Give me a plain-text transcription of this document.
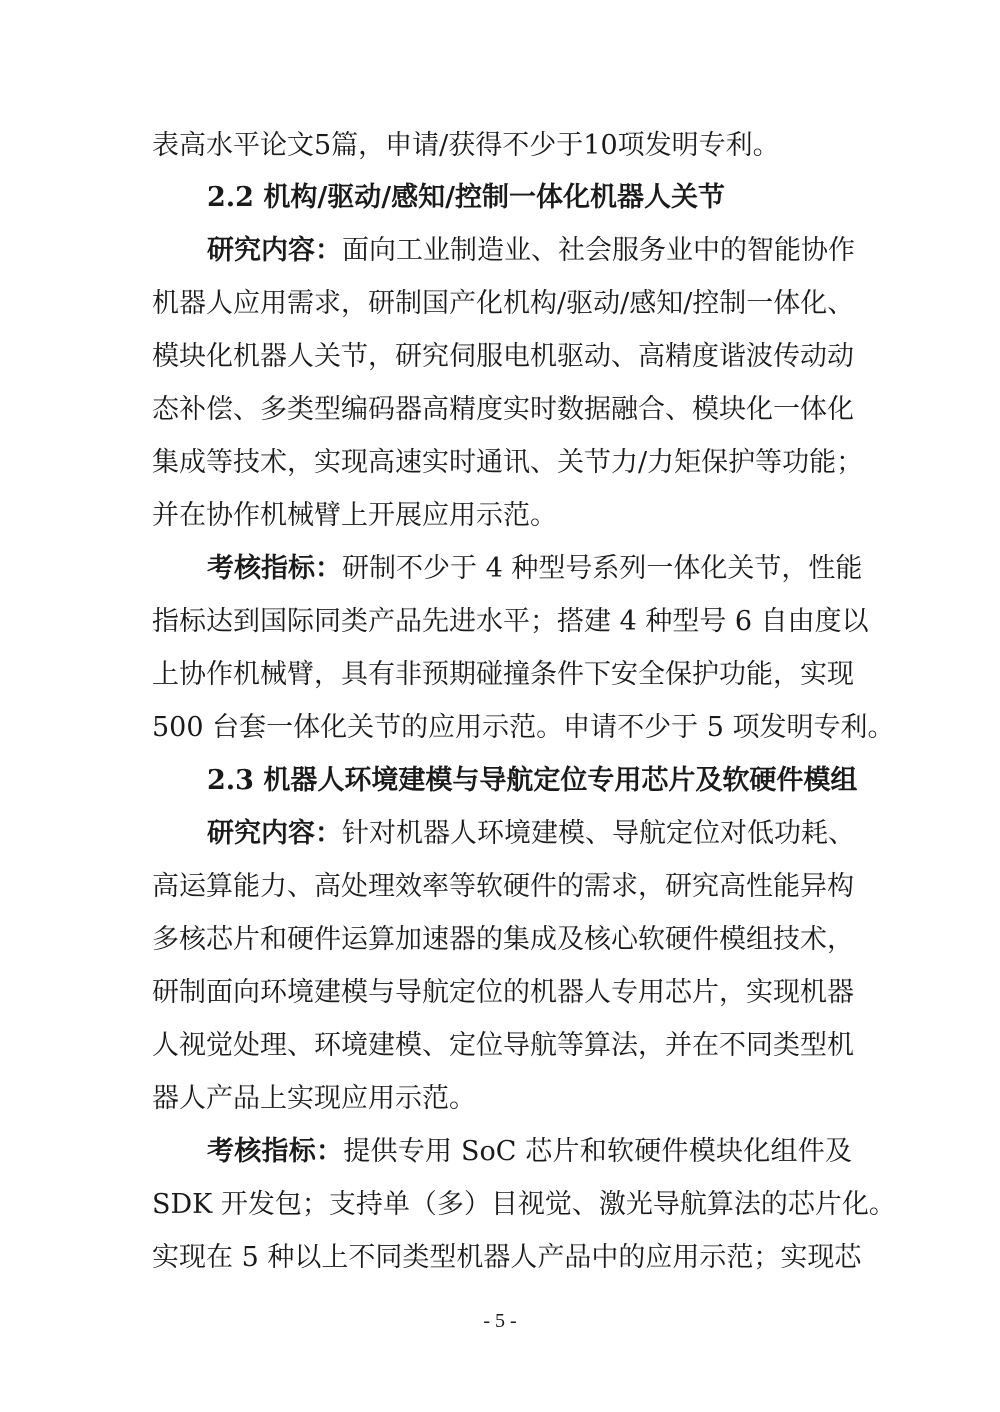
表高水平论文5篇，申请/获得不少于10项发明专利。
2.2 机构/驱动/感知/控制一体化机器人关节
研究内容：面向工业制造业、社会服务业中的智能协作
机器人应用需求，研制国产化机构/驱动/感知/控制一体化、
模块化机器人关节，研究伺服电机驱动、高精度谐波传动动
态补偿、多类型编码器高精度实时数据融合、模块化一体化
集成等技术，实现高速实时通讯、关节力/力矩保护等功能；
并在协作机械臂上开展应用示范。
考核指标：研制不少于 4 种型号系列一体化关节，性能
指标达到国际同类产品先进水平；搭建 4 种型号 6 自由度以
上协作机械臂，具有非预期碰撞条件下安全保护功能，实现
500 台套一体化关节的应用示范。申请不少于 5 项发明专利。
2.3 机器人环境建模与导航定位专用芯片及软硬件模组
研究内容：针对机器人环境建模、导航定位对低功耗、
高运算能力、高处理效率等软硬件的需求，研究高性能异构
多核芯片和硬件运算加速器的集成及核心软硬件模组技术，
研制面向环境建模与导航定位的机器人专用芯片，实现机器
人视觉处理、环境建模、定位导航等算法，并在不同类型机
器人产品上实现应用示范。
考核指标：提供专用 SoC 芯片和软硬件模块化组件及
SDK 开发包；支持单（多）目视觉、激光导航算法的芯片化。
实现在 5 种以上不同类型机器人产品中的应用示范；实现芯
- 5 -
